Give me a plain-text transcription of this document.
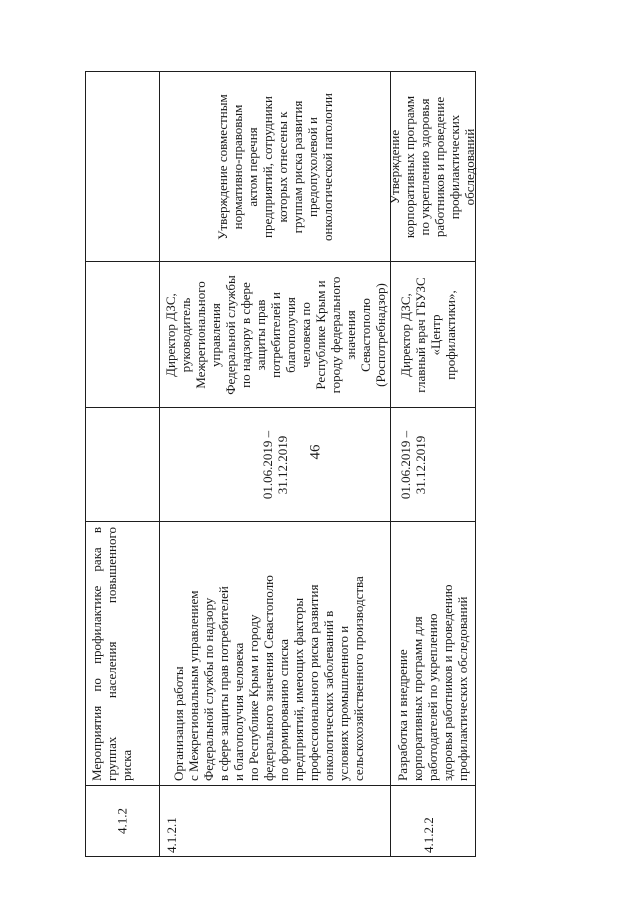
46
4.1.2
Мероприятия
по
профилактике
рака
в
группах
населения
повышенного
риска
4.1.2.1
Организация работы с Межрегиональным управлением Федеральной службы по надзору в сфере защиты прав потребителей и благополучия человека по Республике Крым и городу федерального значения Севастополю по формированию списка предприятий, имеющих факторы профессионального риска развития онкологических заболеваний в условиях промышленного и сельскохозяйственного производства
01.06.2019 – 31.12.2019
Директор ДЗС, руководитель Межрегионального управления Федеральной службы по надзору в сфере защиты прав потребителей и благополучия человека по Республике Крым и городу федерального значения Севастополю (Роспотребнадзор)
Утверждение совместным нормативно-правовым актом перечня предприятий, сотрудники которых отнесены к группам риска развития предопухолевой и онкологической патологии
4.1.2.2
Разработка и внедрение корпоративных программ для работодателей по укреплению здоровья работников и проведению профилактических обследований
01.06.2019 – 31.12.2019
Директор ДЗС, главный врач ГБУЗС «Центр профилактики»,
Утверждение корпоративных программ по укреплению здоровья работников и проведение профилактических обследований
